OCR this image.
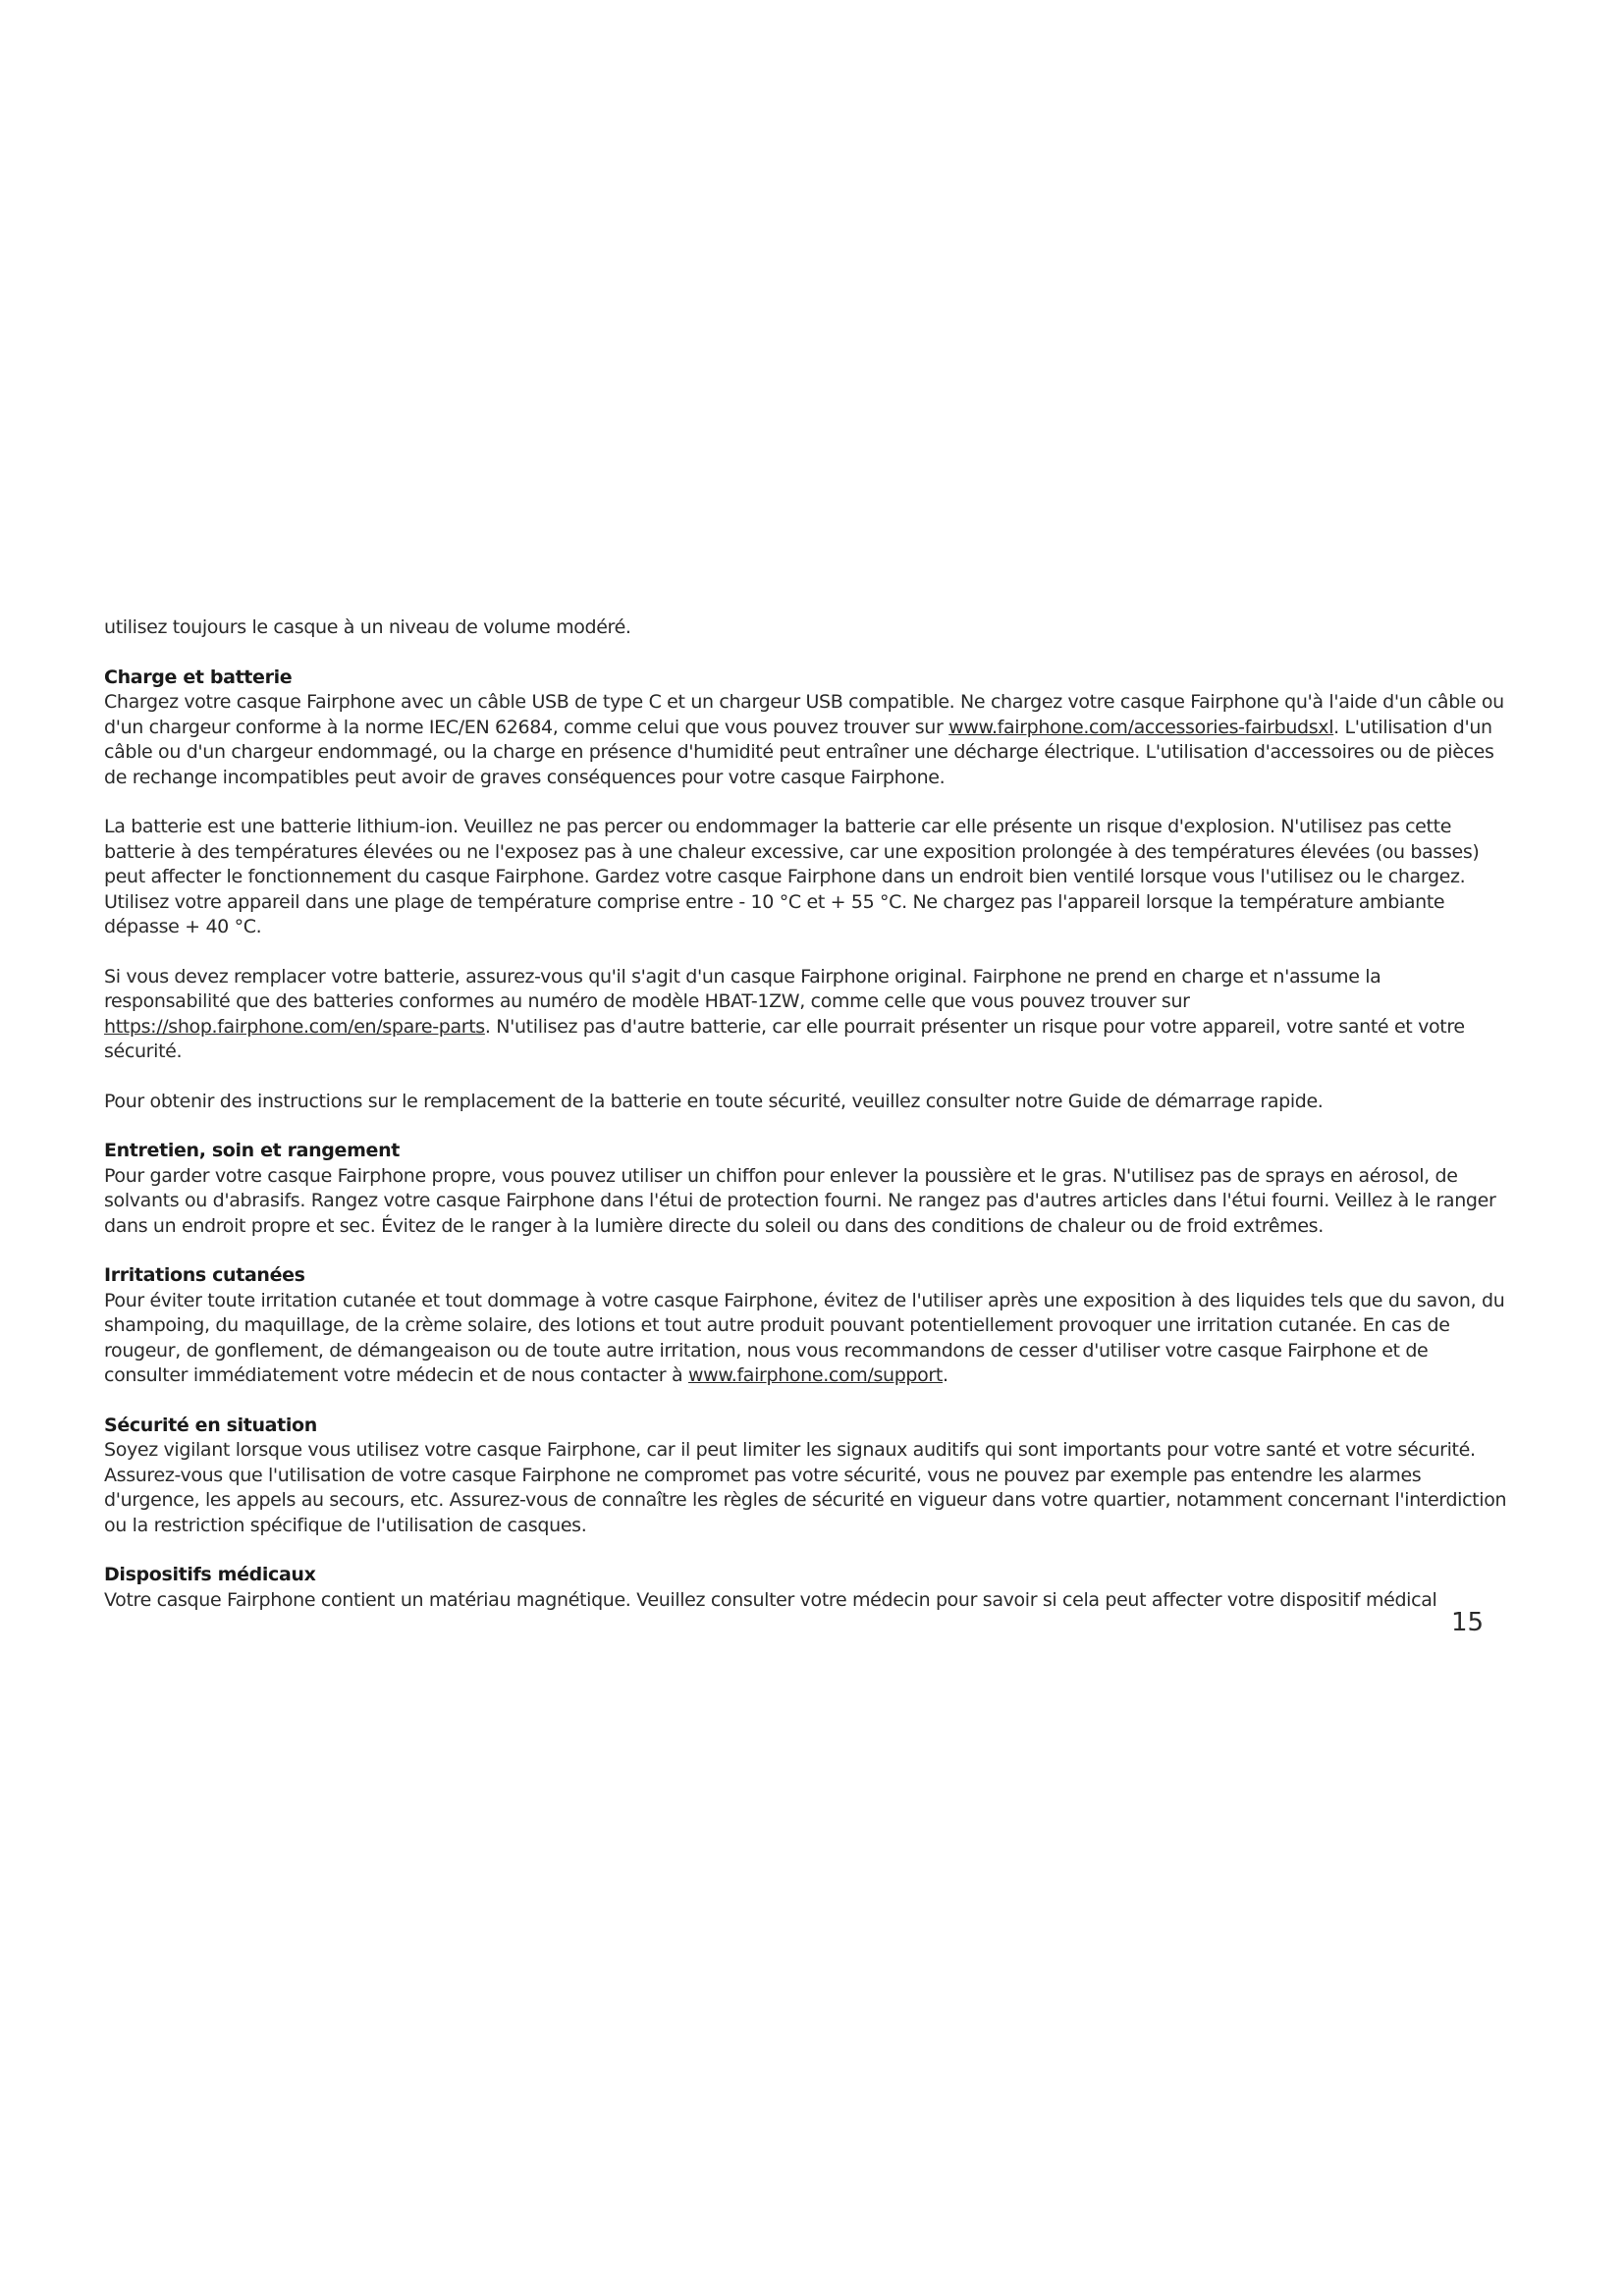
utilisez toujours le casque à un niveau de volume modéré.

Charge et batterie

Chargez votre casque Fairphone avec un câble USB de type C et un chargeur USB compatible. Ne chargez votre casque Fairphone qu'à l'aide d'un câble ou d'un chargeur conforme à la norme IEC/EN 62684, comme celui que vous pouvez trouver sur www.fairphone.com/accessories-fairbudsxl. L'utilisation d'un câble ou d'un chargeur endommagé, ou la charge en présence d'humidité peut entraîner une décharge électrique. L'utilisation d'accessoires ou de pièces de rechange incompatibles peut avoir de graves conséquences pour votre casque Fairphone.

La batterie est une batterie lithium-ion. Veuillez ne pas percer ou endommager la batterie car elle présente un risque d'explosion. N'utilisez pas cette batterie à des températures élevées ou ne l'exposez pas à une chaleur excessive, car une exposition prolongée à des températures élevées (ou basses) peut affecter le fonctionnement du casque Fairphone. Gardez votre casque Fairphone dans un endroit bien ventilé lorsque vous l'utilisez ou le chargez. Utilisez votre appareil dans une plage de température comprise entre - 10 °C et + 55 °C. Ne chargez pas l'appareil lorsque la température ambiante dépasse + 40 °C.

Si vous devez remplacer votre batterie, assurez-vous qu'il s'agit d'un casque Fairphone original. Fairphone ne prend en charge et n'assume la responsabilité que des batteries conformes au numéro de modèle HBAT-1ZW, comme celle que vous pouvez trouver sur https://shop.fairphone.com/en/spare-parts. N'utilisez pas d'autre batterie, car elle pourrait présenter un risque pour votre appareil, votre santé et votre sécurité.

Pour obtenir des instructions sur le remplacement de la batterie en toute sécurité, veuillez consulter notre Guide de démarrage rapide.

Entretien, soin et rangement

Pour garder votre casque Fairphone propre, vous pouvez utiliser un chiffon pour enlever la poussière et le gras. N'utilisez pas de sprays en aérosol, de solvants ou d'abrasifs. Rangez votre casque Fairphone dans l'étui de protection fourni. Ne rangez pas d'autres articles dans l'étui fourni. Veillez à le ranger dans un endroit propre et sec. Évitez de le ranger à la lumière directe du soleil ou dans des conditions de chaleur ou de froid extrêmes.

Irritations cutanées

Pour éviter toute irritation cutanée et tout dommage à votre casque Fairphone, évitez de l'utiliser après une exposition à des liquides tels que du savon, du shampoing, du maquillage, de la crème solaire, des lotions et tout autre produit pouvant potentiellement provoquer une irritation cutanée. En cas de rougeur, de gonflement, de démangeaison ou de toute autre irritation, nous vous recommandons de cesser d'utiliser votre casque Fairphone et de consulter immédiatement votre médecin et de nous contacter à www.fairphone.com/support.

Sécurité en situation

Soyez vigilant lorsque vous utilisez votre casque Fairphone, car il peut limiter les signaux auditifs qui sont importants pour votre santé et votre sécurité. Assurez-vous que l'utilisation de votre casque Fairphone ne compromet pas votre sécurité, vous ne pouvez par exemple pas entendre les alarmes d'urgence, les appels au secours, etc. Assurez-vous de connaître les règles de sécurité en vigueur dans votre quartier, notamment concernant l'interdiction ou la restriction spécifique de l'utilisation de casques.

Dispositifs médicaux

Votre casque Fairphone contient un matériau magnétique. Veuillez consulter votre médecin pour savoir si cela peut affecter votre dispositif médical

15
